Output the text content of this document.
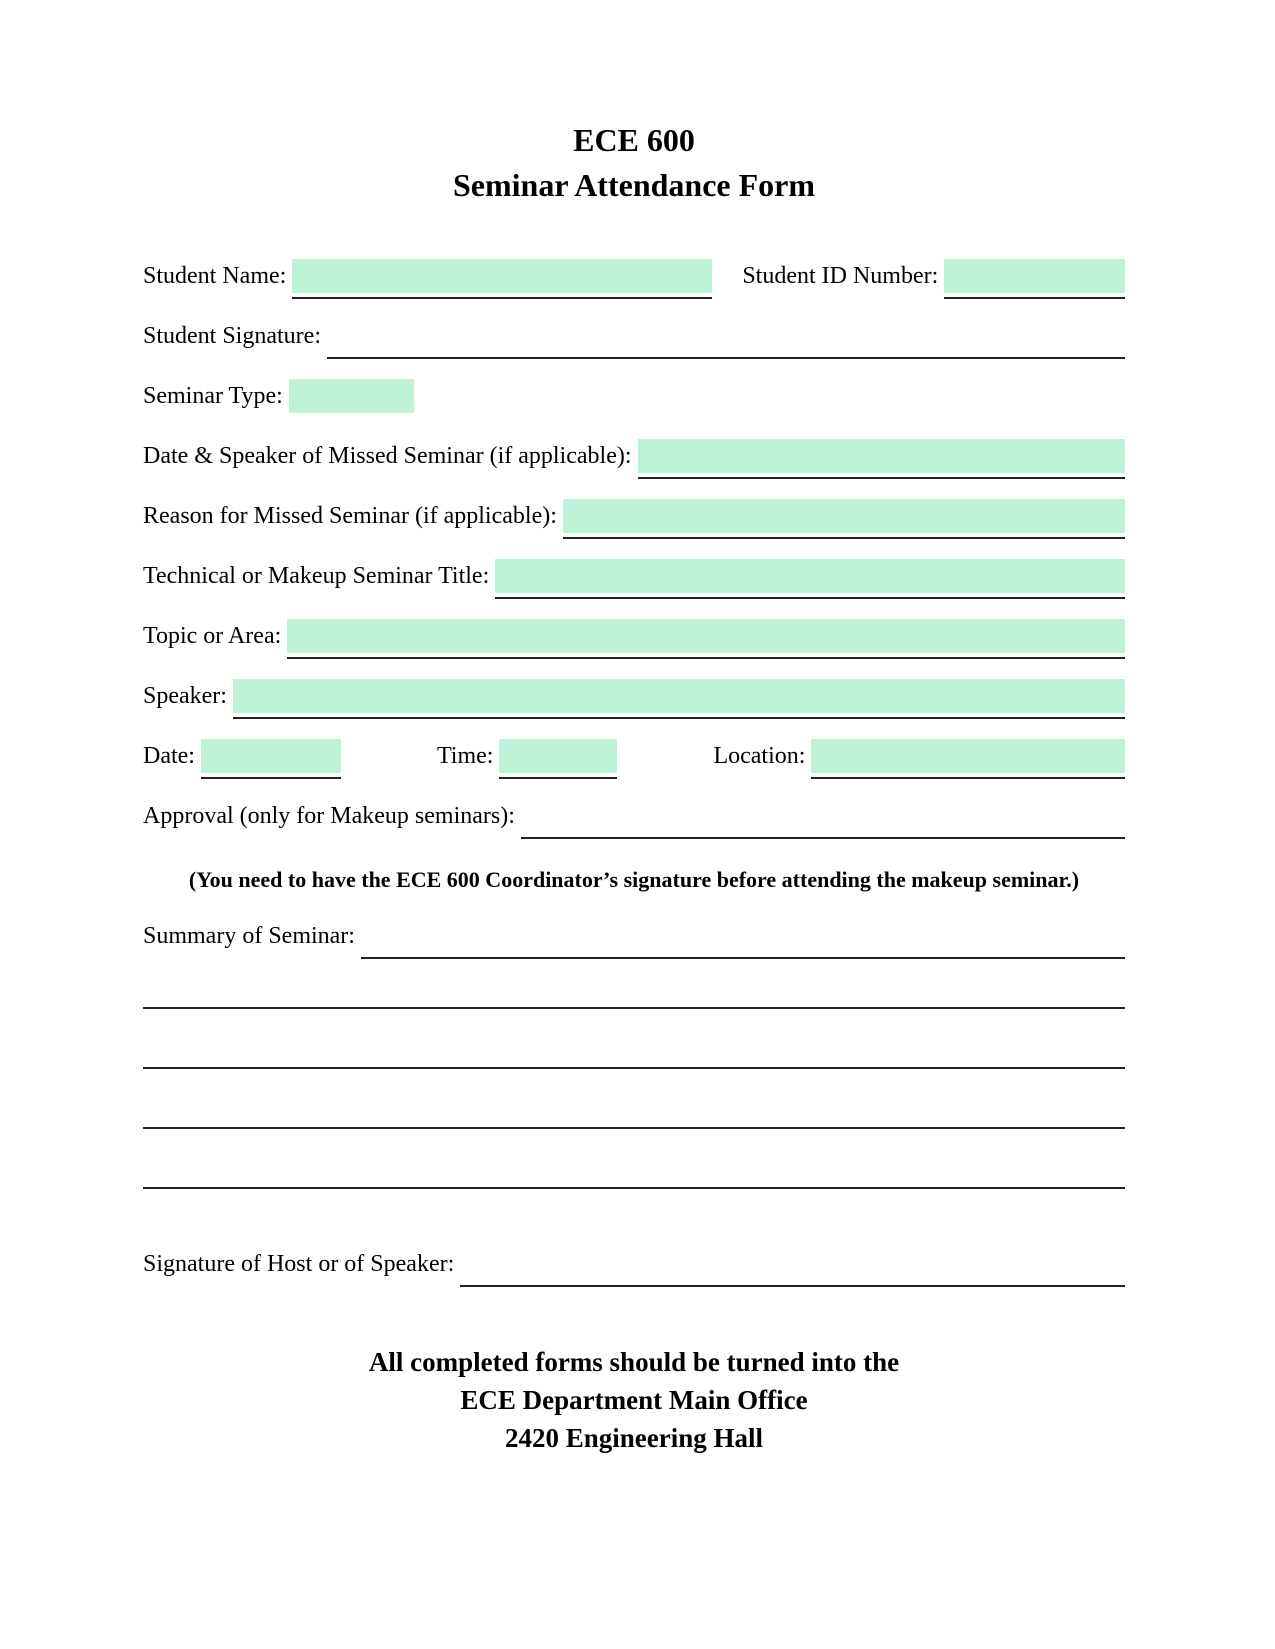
ECE 600
Seminar Attendance Form
Student Name:	Student ID Number:
Student Signature:
Seminar Type:
Date & Speaker of Missed Seminar (if applicable):
Reason for Missed Seminar (if applicable):
Technical or Makeup Seminar Title:
Topic or Area:
Speaker:
Date:	Time:	Location:
Approval (only for Makeup seminars):
(You need to have the ECE 600 Coordinator’s signature before attending the makeup seminar.)
Summary of Seminar:
Signature of Host or of Speaker:
All completed forms should be turned into the
ECE Department Main Office
2420 Engineering Hall
